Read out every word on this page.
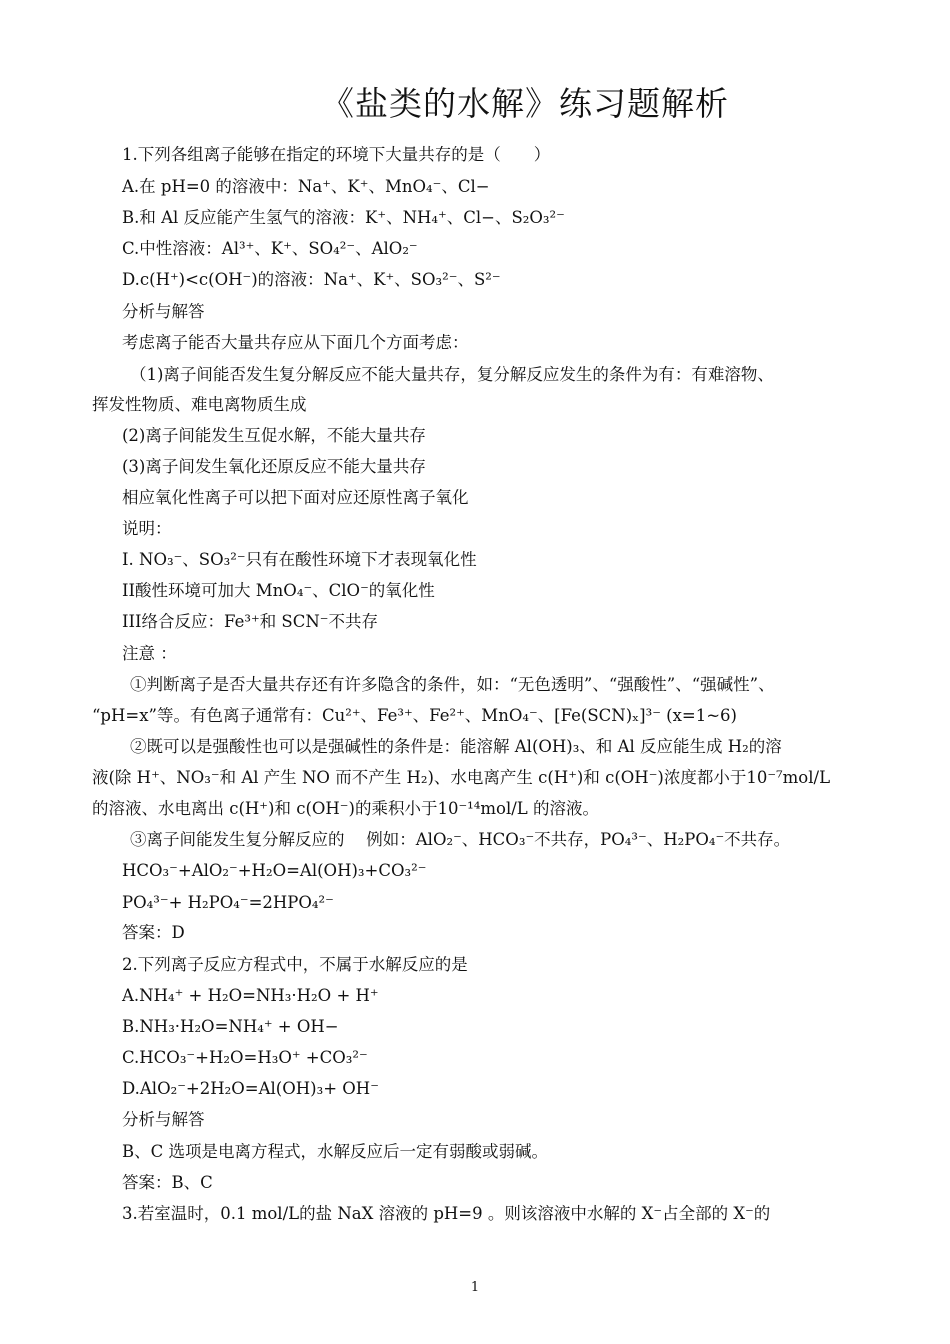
《盐类的水解》练习题解析
1.下列各组离子能够在指定的环境下大量共存的是（　　）
A.在 pH=0 的溶液中：Na⁺、K⁺、MnO₄⁻、Cl−
B.和 Al 反应能产生氢气的溶液：K⁺、NH₄⁺、Cl−、S₂O₃²⁻
C.中性溶液：Al³⁺、K⁺、SO₄²⁻、AlO₂⁻
D.c(H⁺)<c(OH⁻)的溶液：Na⁺、K⁺、SO₃²⁻、S²⁻
分析与解答
考虑离子能否大量共存应从下面几个方面考虑：
（1)离子间能否发生复分解反应不能大量共存，复分解反应发生的条件为有：有难溶物、
挥发性物质、难电离物质生成
(2)离子间能发生互促水解，不能大量共存
(3)离子间发生氧化还原反应不能大量共存
相应氧化性离子可以把下面对应还原性离子氧化
说明：
I. NO₃⁻、SO₃²⁻只有在酸性环境下才表现氧化性
II酸性环境可加大 MnO₄⁻、ClO⁻的氧化性
III络合反应：Fe³⁺和 SCN⁻不共存
注意 ：
①判断离子是否大量共存还有许多隐含的条件，如：“无色透明”、“强酸性”、“强碱性”、
“pH=x”等。有色离子通常有：Cu²⁺、Fe³⁺、Fe²⁺、MnO₄⁻、[Fe(SCN)ₓ]³⁻ (x=1~6)
②既可以是强酸性也可以是强碱性的条件是：能溶解 Al(OH)₃、和 Al 反应能生成 H₂的溶
液(除 H⁺、NO₃⁻和 Al 产生 NO 而不产生 H₂)、水电离产生 c(H⁺)和 c(OH⁻)浓度都小于10⁻⁷mol/L
的溶液、水电离出 c(H⁺)和 c(OH⁻)的乘积小于10⁻¹⁴mol/L 的溶液。
③离子间能发生复分解反应的　 例如：AlO₂⁻、HCO₃⁻不共存，PO₄³⁻、H₂PO₄⁻不共存。
HCO₃⁻+AlO₂⁻+H₂O=Al(OH)₃+CO₃²⁻
PO₄³⁻+ H₂PO₄⁻=2HPO₄²⁻
答案：D
2.下列离子反应方程式中，不属于水解反应的是
A.NH₄⁺ + H₂O=NH₃·H₂O + H⁺
B.NH₃·H₂O=NH₄⁺ + OH−
C.HCO₃⁻+H₂O=H₃O⁺ +CO₃²⁻
D.AlO₂⁻+2H₂O=Al(OH)₃+ OH⁻
分析与解答
B、C 选项是电离方程式，水解反应后一定有弱酸或弱碱。
答案：B、C
3.若室温时，0.1 mol/L的盐 NaX 溶液的 pH=9 。则该溶液中水解的 X⁻占全部的 X⁻的
1
